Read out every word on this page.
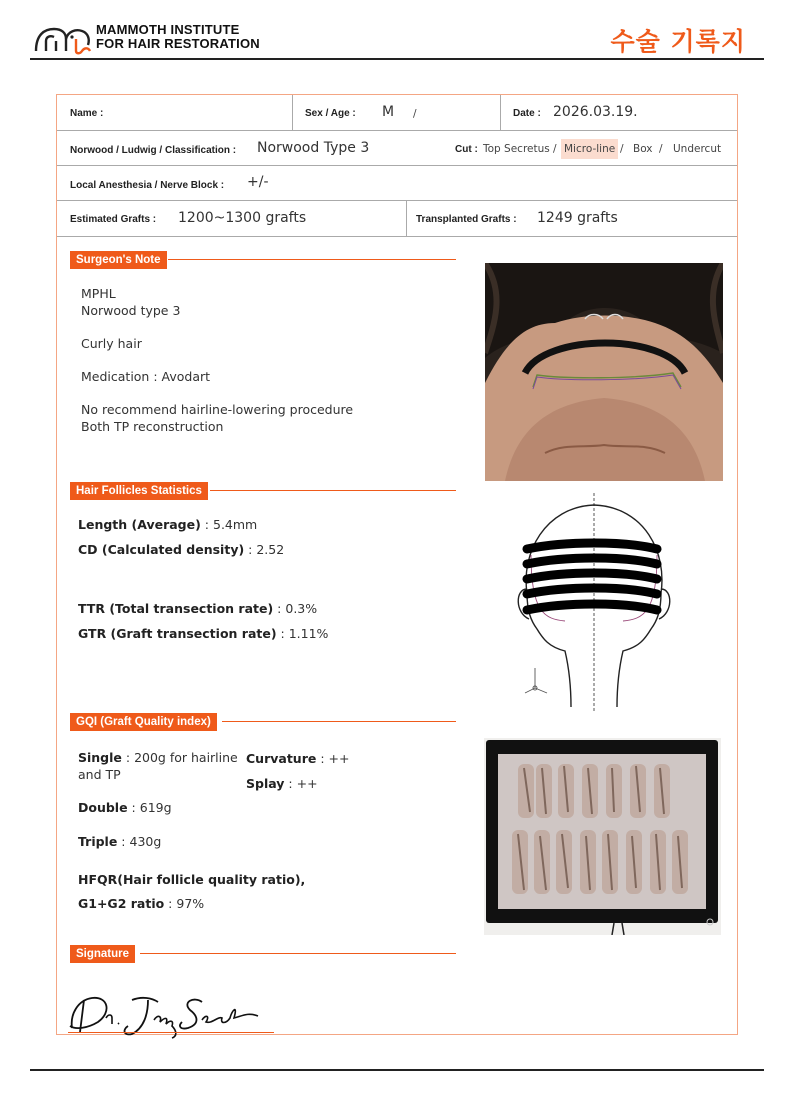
MAMMOTH INSTITUTE
FOR HAIR RESTORATION	수술 기록지
Name :	Sex / Age : M /	Date : 2026.03.19.
Norwood / Ludwig / Classification : Norwood Type 3	Cut : Top Secretus / Micro-line / Box / Undercut
Local Anesthesia / Nerve Block : +/-
Estimated Grafts : 1200~1300 grafts	Transplanted Grafts : 1249 grafts
Surgeon's Note
MPHL
Norwood type 3
Curly hair
Medication : Avodart
No recommend hairline-lowering procedure
Both TP reconstruction
Hair Follicles Statistics
Length (Average) : 5.4mm
CD (Calculated density) : 2.52
TTR (Total transection rate) : 0.3%
GTR (Graft transection rate) : 1.11%
GQI (Graft Quality index)
Single : 200g for hairline
and TP
Double : 619g
Triple : 430g
Curvature : ++
Splay : ++
HFQR(Hair follicle quality ratio),
G1+G2 ratio : 97%
Signature
